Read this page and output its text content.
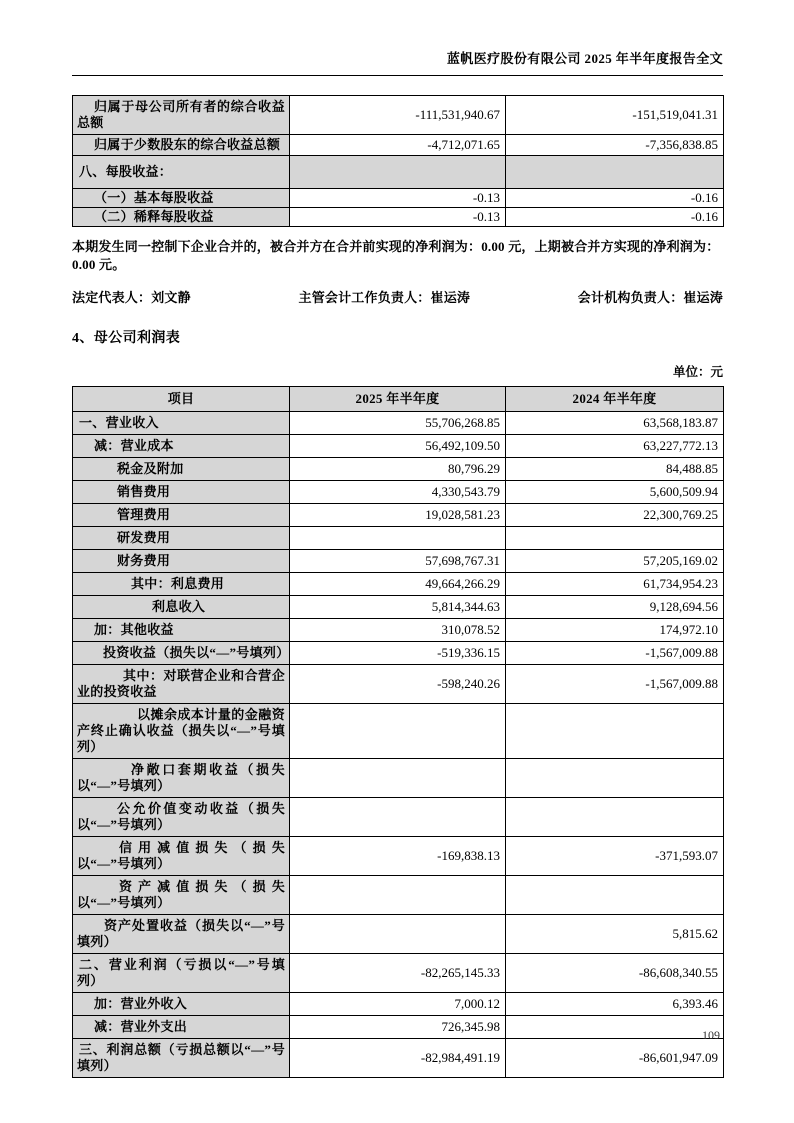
蓝帆医疗股份有限公司 2025 年半年度报告全文
归属于母公司所有者的综合收益总额	-111,531,940.67	-151,519,041.31
归属于少数股东的综合收益总额	-4,712,071.65	-7,356,838.85
八、每股收益：		
（一）基本每股收益	-0.13	-0.16
（二）稀释每股收益	-0.13	-0.16

本期发生同一控制下企业合并的，被合并方在合并前实现的净利润为：0.00 元，上期被合并方实现的净利润为：0.00 元。

法定代表人：刘文静	主管会计工作负责人：崔运涛	会计机构负责人：崔运涛
4、母公司利润表
单位：元
项目	2025 年半年度	2024 年半年度
一、营业收入	55,706,268.85	63,568,183.87
减：营业成本	56,492,109.50	63,227,772.13
税金及附加	80,796.29	84,488.85
销售费用	4,330,543.79	5,600,509.94
管理费用	19,028,581.23	22,300,769.25
研发费用		
财务费用	57,698,767.31	57,205,169.02
其中：利息费用	49,664,266.29	61,734,954.23
利息收入	5,814,344.63	9,128,694.56
加：其他收益	310,078.52	174,972.10
投资收益（损失以“—”号填列）	-519,336.15	-1,567,009.88
其中：对联营企业和合营企业的投资收益	-598,240.26	-1,567,009.88
以摊余成本计量的金融资产终止确认收益（损失以“—”号填列）		
净敞口套期收益（损失以“—”号填列）		
公允价值变动收益（损失以“—”号填列）		
信用减值损失（损失以“—”号填列）	-169,838.13	-371,593.07
资产减值损失（损失以“—”号填列）		
资产处置收益（损失以“—”号填列）		5,815.62
二、营业利润（亏损以“—”号填列）	-82,265,145.33	-86,608,340.55
加：营业外收入	7,000.12	6,393.46
减：营业外支出	726,345.98	
三、利润总额（亏损总额以“—”号填列）	-82,984,491.19	-86,601,947.09
109
